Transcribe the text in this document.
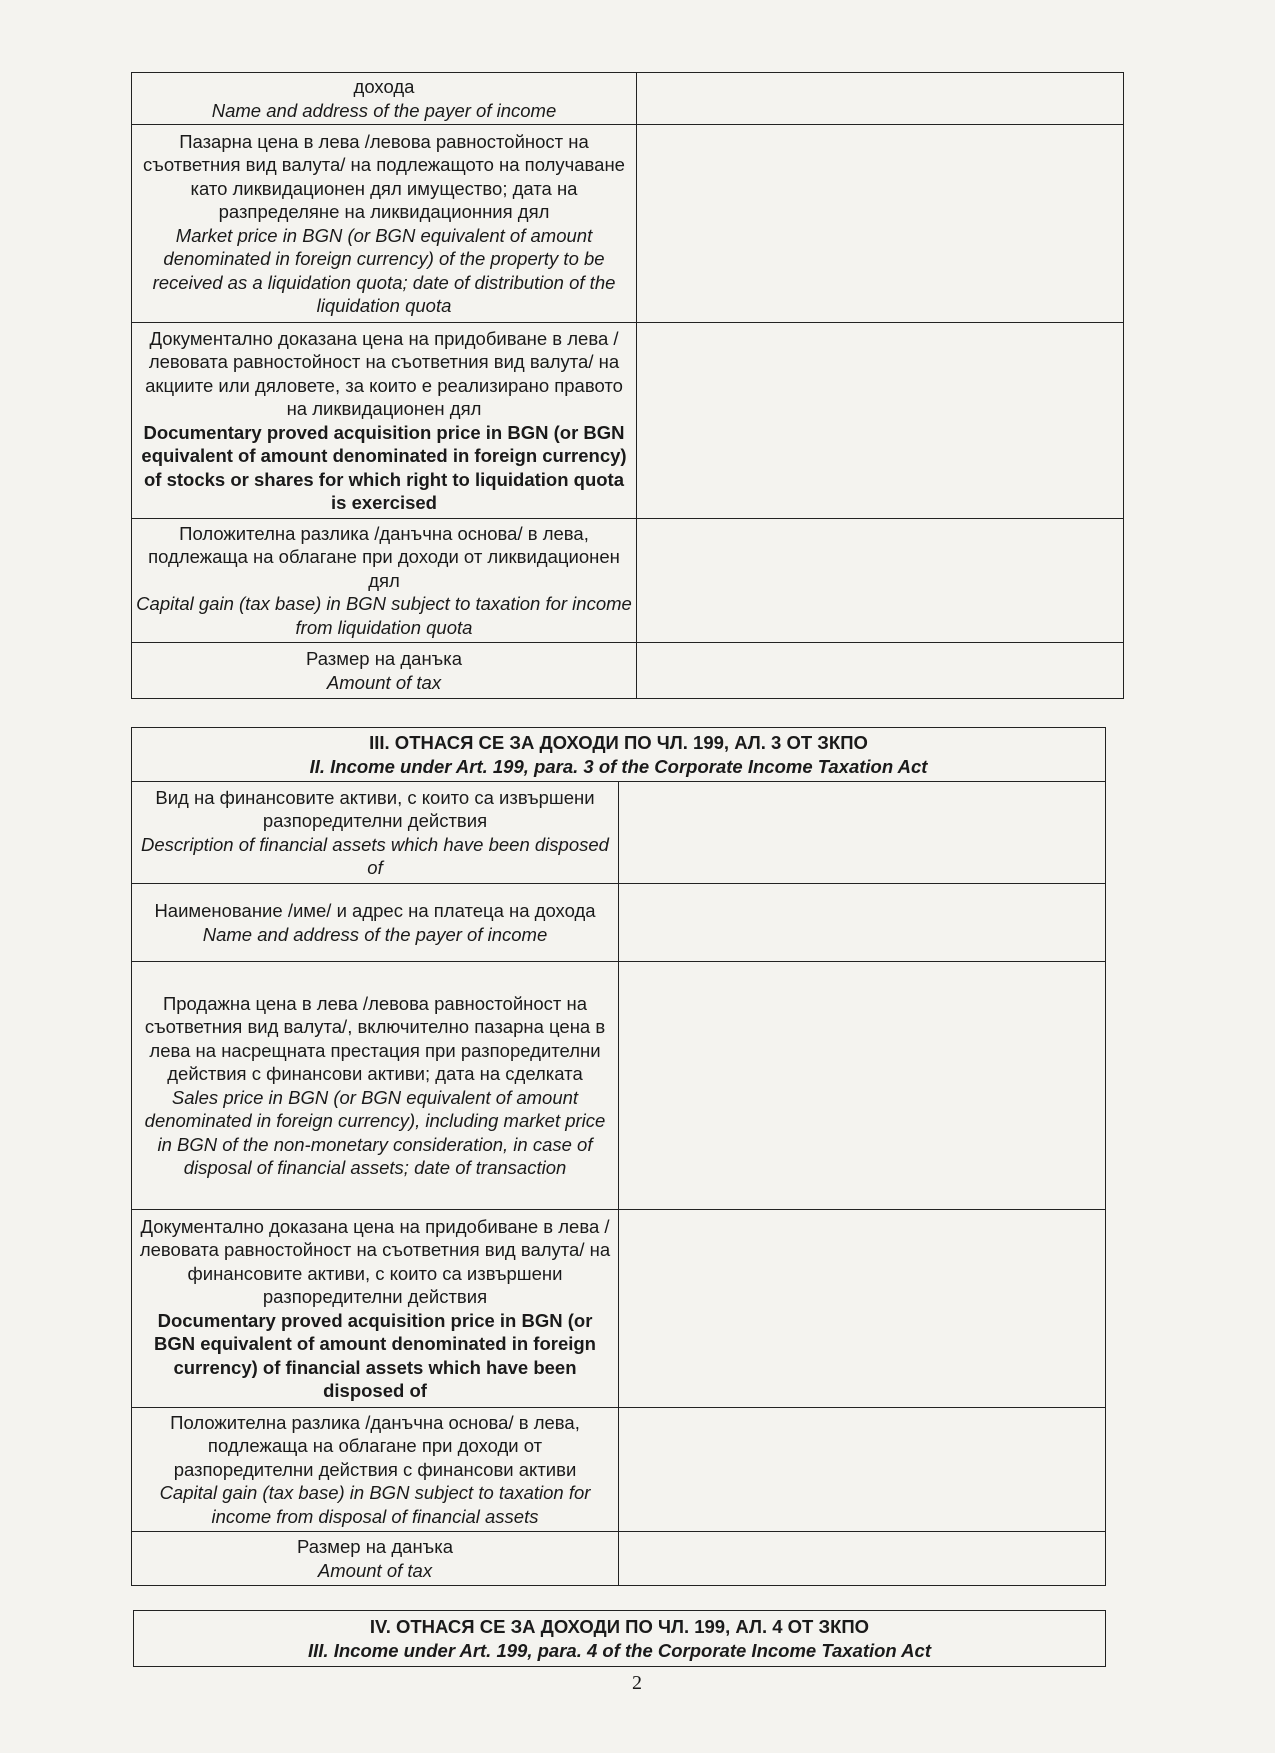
дохода
Name and address of the payer of income	

Пазарна цена в лева /левова равностойност на съответния вид валута/ на подлежащото на получаване като ликвидационен дял имущество; дата на разпределяне на ликвидационния дял
Market price in BGN (or BGN equivalent of amount denominated in foreign currency) of the property to be received as a liquidation quota; date of distribution of the liquidation quota	

Документално доказана цена на придобиване в лева /левовата равностойност на съответния вид валута/ на акциите или дяловете, за които е реализирано правото на ликвидационен дял
Documentary proved acquisition price in BGN (or BGN equivalent of amount denominated in foreign currency) of stocks or shares for which right to liquidation quota is exercised	

Положителна разлика /данъчна основа/ в лева, подлежаща на облагане при доходи от ликвидационен дял
Capital gain (tax base) in BGN subject to taxation for income from liquidation quota	

Размер на данъка
Amount of tax	

III. ОТНАСЯ СЕ ЗА ДОХОДИ ПО ЧЛ. 199, АЛ. 3 ОТ ЗКПО
II. Income under Art. 199, para. 3 of the Corporate Income Taxation Act	

Вид на финансовите активи, с които са извършени разпоредителни действия
Description of financial assets which have been disposed of	

Наименование /име/ и адрес на платеца на дохода
Name and address of the payer of income	

Продажна цена в лева /левова равностойност на съответния вид валута/, включително пазарна цена в лева на насрещната престация при разпоредителни действия с финансови активи; дата на сделката
Sales price in BGN (or BGN equivalent of amount denominated in foreign currency), including market price in BGN of the non-monetary consideration, in case of disposal of financial assets; date of transaction	

Документално доказана цена на придобиване в лева /левовата равностойност на съответния вид валута/ на финансовите активи, с които са извършени разпоредителни действия
Documentary proved acquisition price in BGN (or BGN equivalent of amount denominated in foreign currency) of financial assets which have been disposed of	

Положителна разлика /данъчна основа/ в лева, подлежаща на облагане при доходи от разпоредителни действия с финансови активи
Capital gain (tax base) in BGN subject to taxation for income from disposal of financial assets	

Размер на данъка
Amount of tax	

IV. ОТНАСЯ СЕ ЗА ДОХОДИ ПО ЧЛ. 199, АЛ. 4 ОТ ЗКПО
III. Income under Art. 199, para. 4 of the Corporate Income Taxation Act
2
